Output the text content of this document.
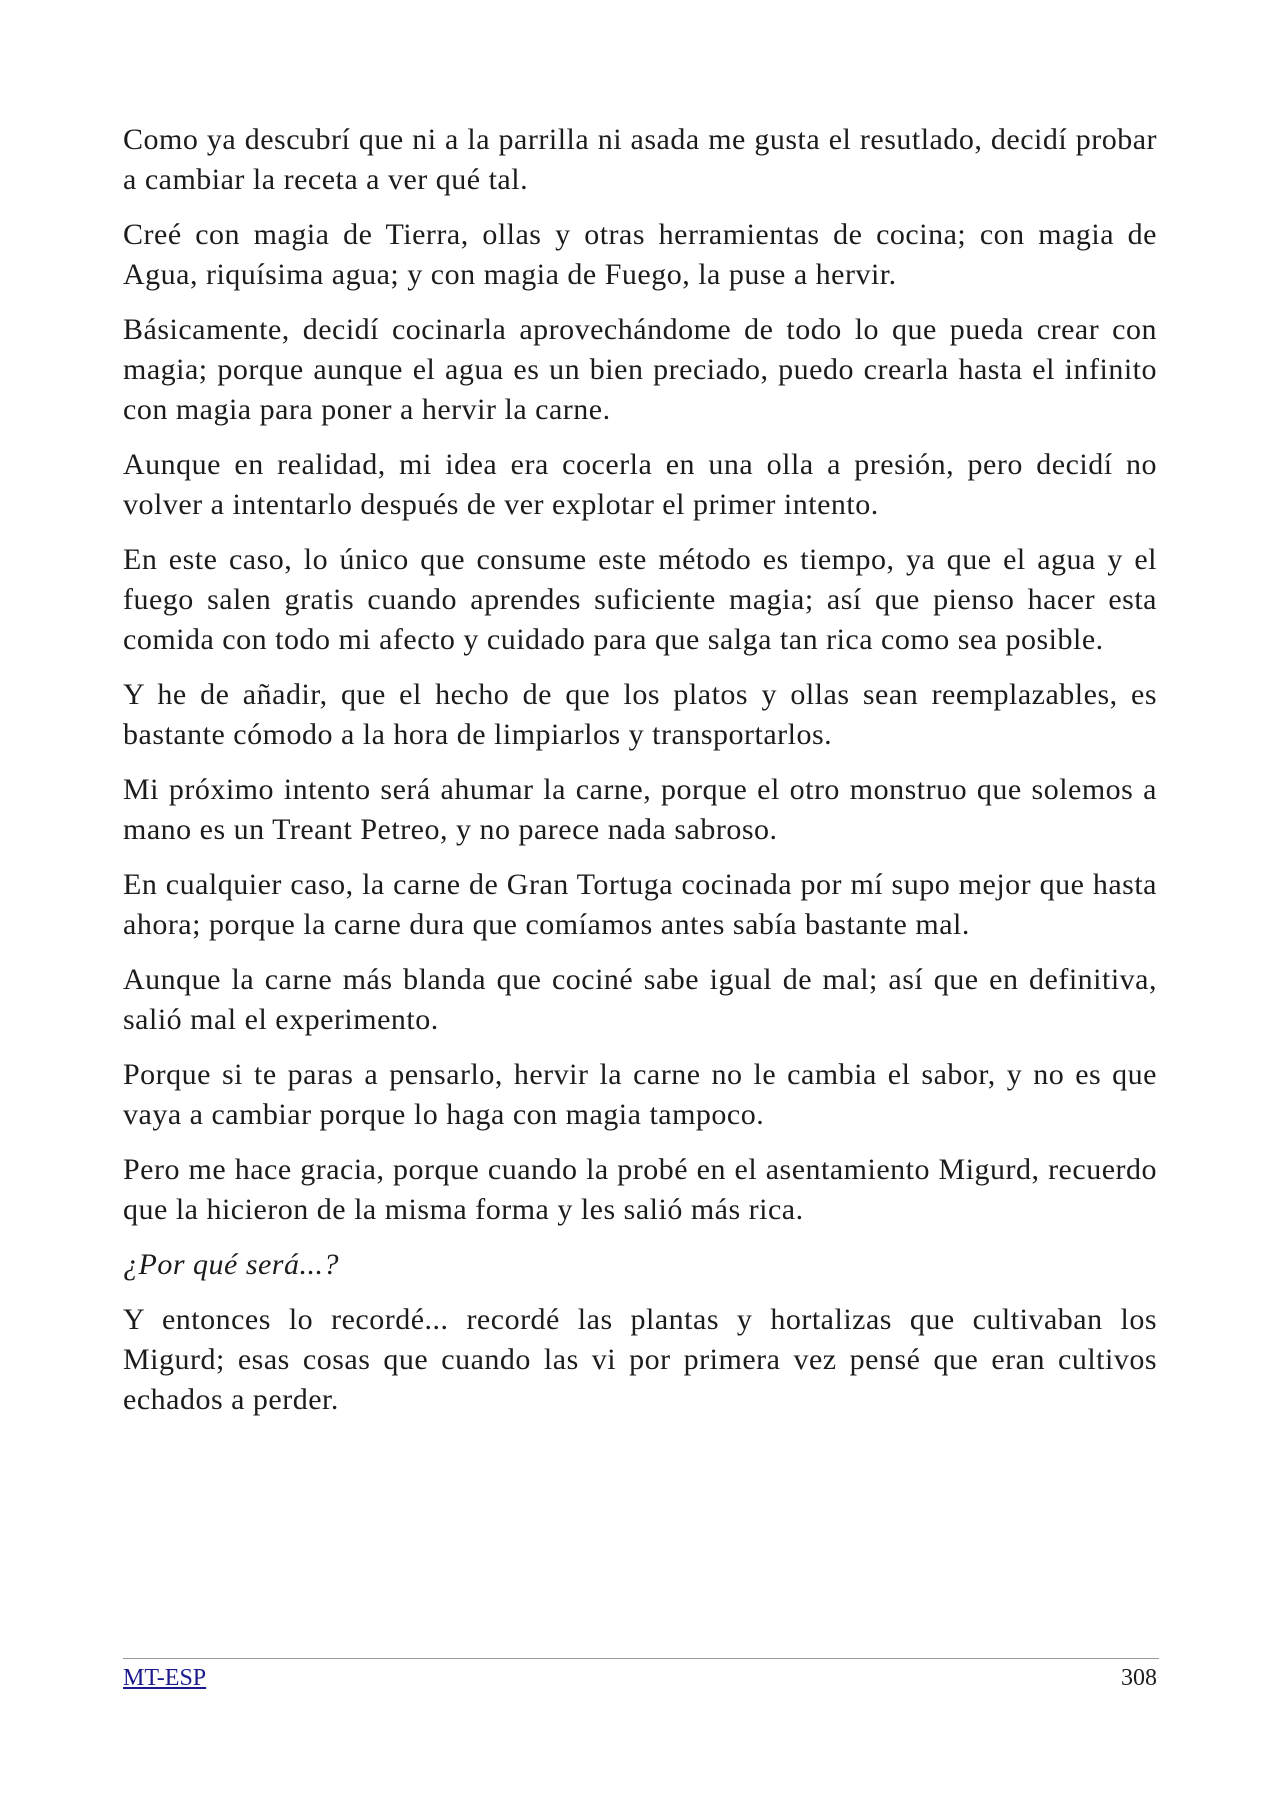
Como ya descubrí que ni a la parrilla ni asada me gusta el resutlado, decidí probar a cambiar la receta a ver qué tal.

Creé con magia de Tierra, ollas y otras herramientas de cocina; con magia de Agua, riquísima agua; y con magia de Fuego, la puse a hervir.

Básicamente, decidí cocinarla aprovechándome de todo lo que pueda crear con magia; porque aunque el agua es un bien preciado, puedo crearla hasta el infinito con magia para poner a hervir la carne.

Aunque en realidad, mi idea era cocerla en una olla a presión, pero decidí no volver a intentarlo después de ver explotar el primer intento.

En este caso, lo único que consume este método es tiempo, ya que el agua y el fuego salen gratis cuando aprendes suficiente magia; así que pienso hacer esta comida con todo mi afecto y cuidado para que salga tan rica como sea posible.

Y he de añadir, que el hecho de que los platos y ollas sean reemplazables, es bastante cómodo a la hora de limpiarlos y transportarlos.

Mi próximo intento será ahumar la carne, porque el otro monstruo que solemos a mano es un Treant Petreo, y no parece nada sabroso.

En cualquier caso, la carne de Gran Tortuga cocinada por mí supo mejor que hasta ahora; porque la carne dura que comíamos antes sabía bastante mal.

Aunque la carne más blanda que cociné sabe igual de mal; así que en definitiva, salió mal el experimento.

Porque si te paras a pensarlo, hervir la carne no le cambia el sabor, y no es que vaya a cambiar porque lo haga con magia tampoco.

Pero me hace gracia, porque cuando la probé en el asentamiento Migurd, recuerdo que la hicieron de la misma forma y les salió más rica.

¿Por qué será...?

Y entonces lo recordé... recordé las plantas y hortalizas que cultivaban los Migurd; esas cosas que cuando las vi por primera vez pensé que eran cultivos echados a perder.

MT-ESP	308
